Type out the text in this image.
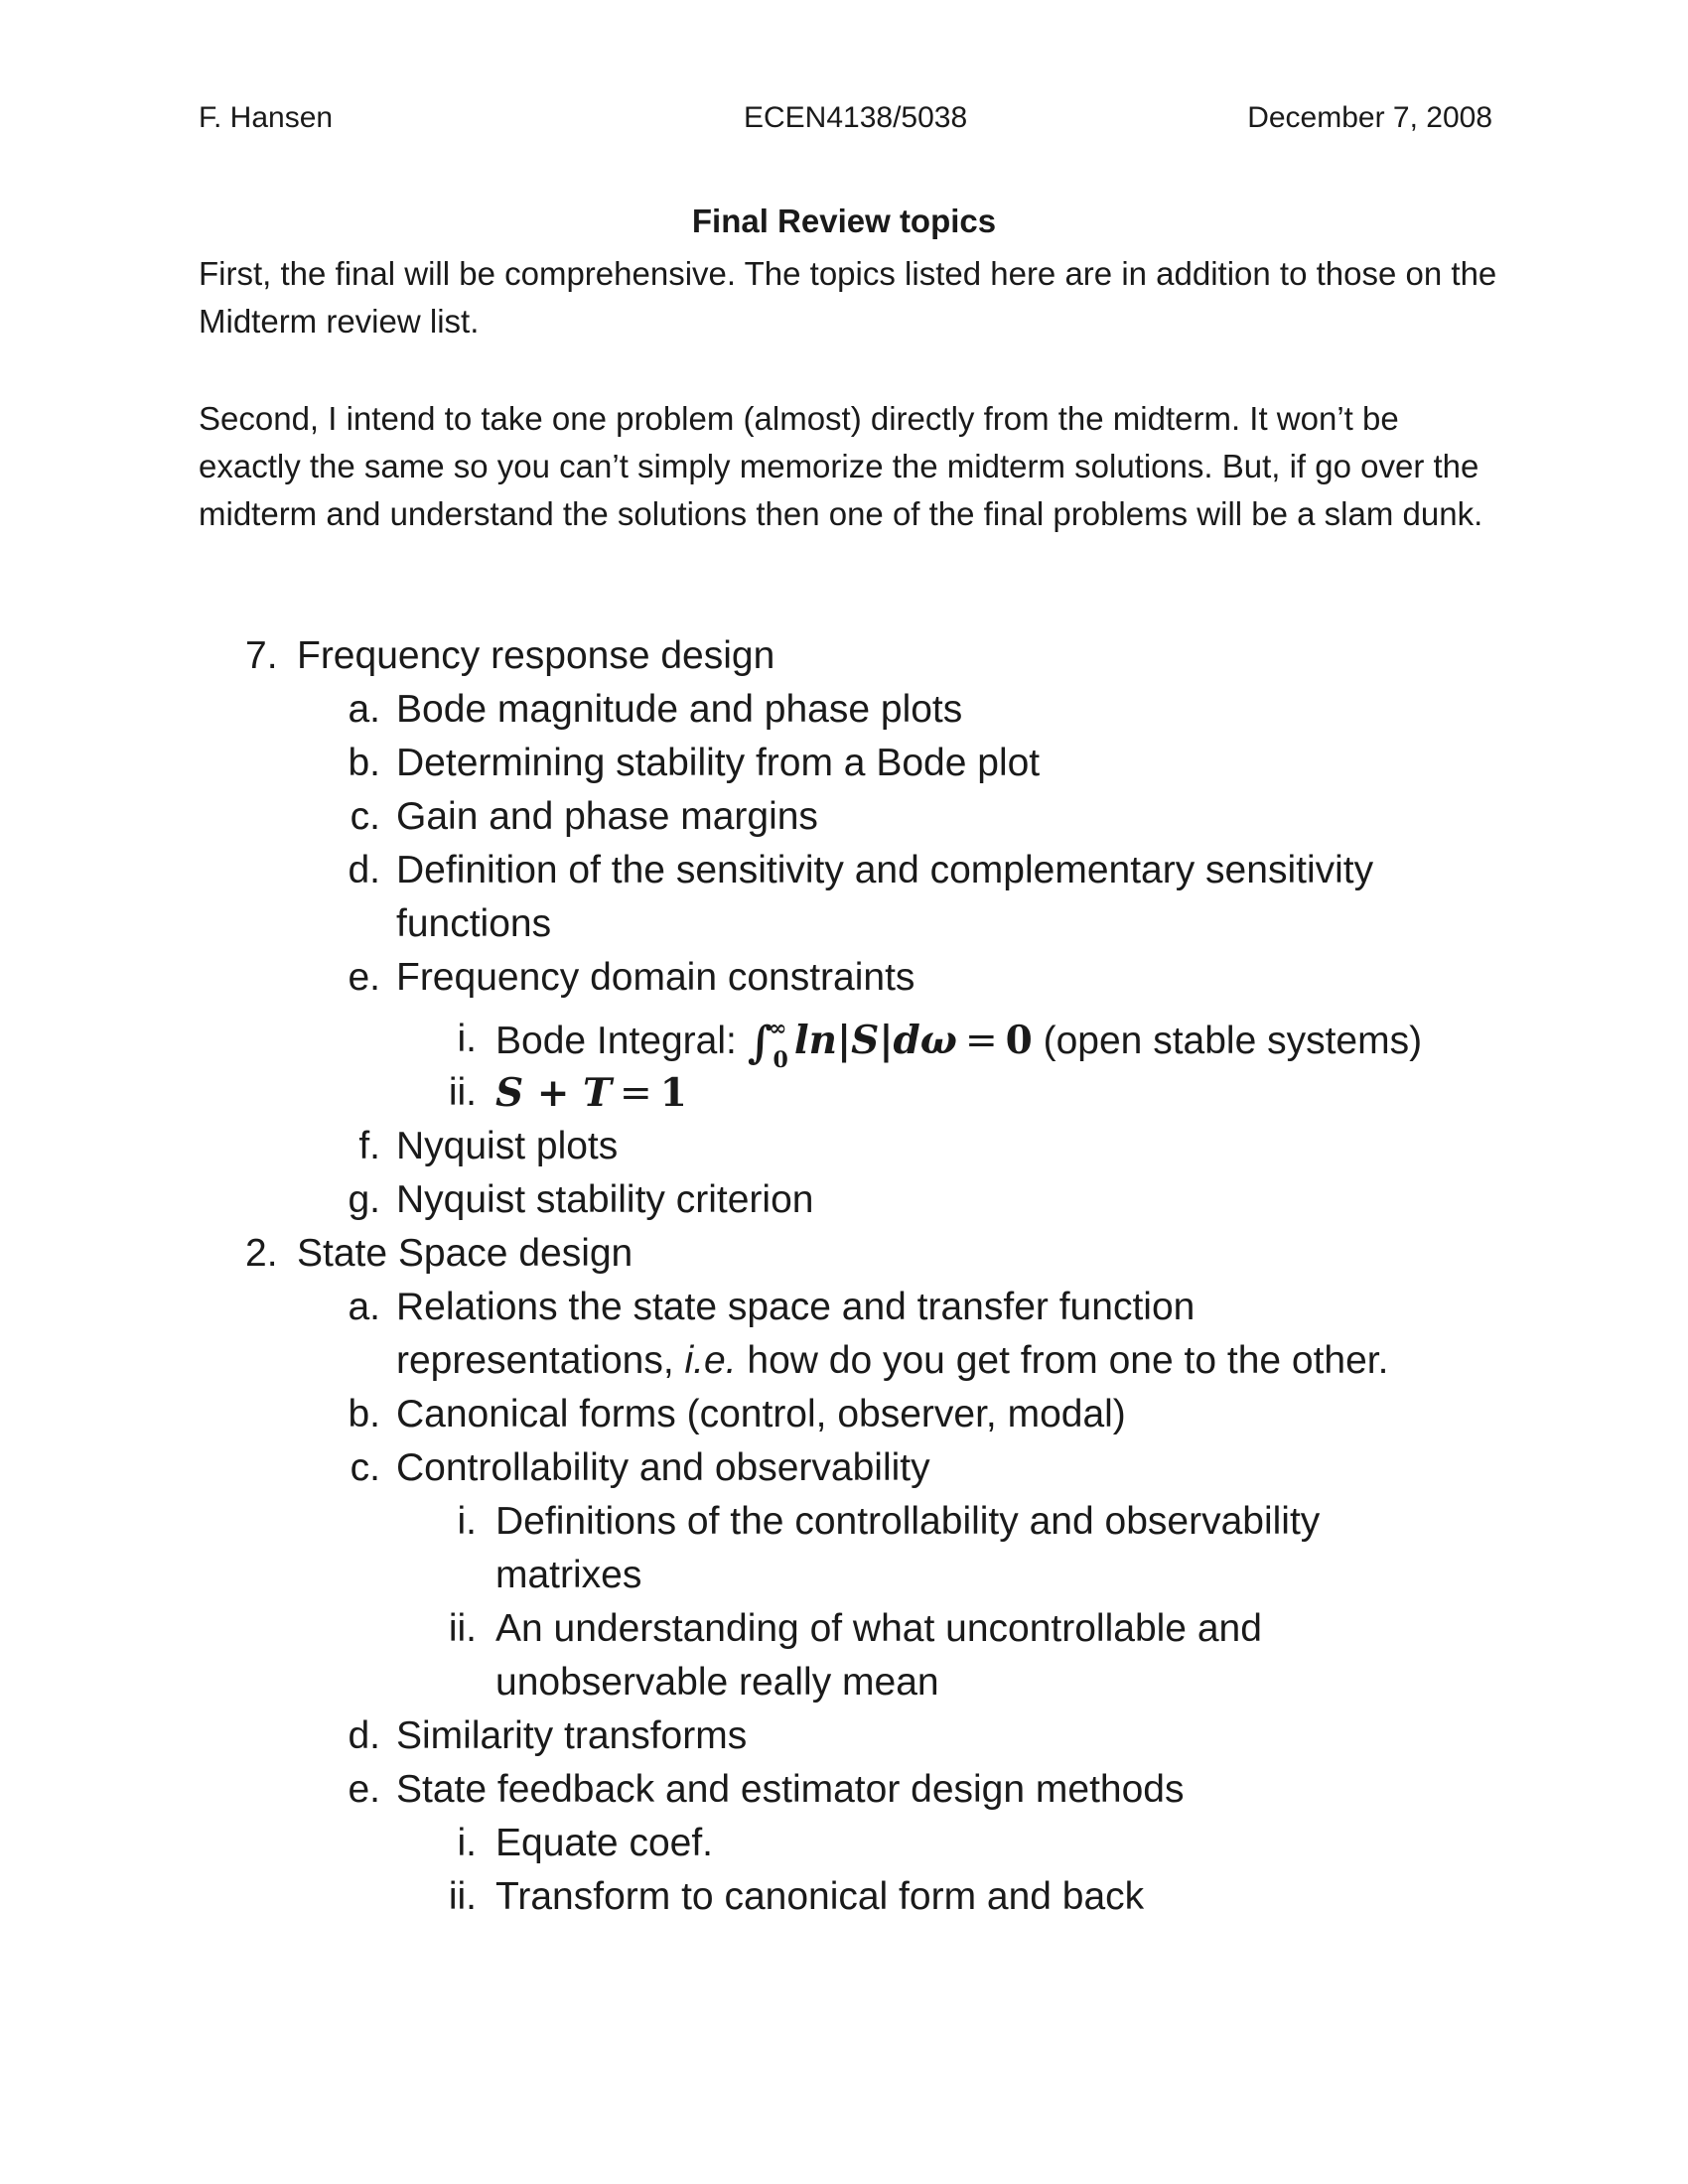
F. Hansen	ECEN4138/5038	December 7, 2008
Final Review topics

First, the final will be comprehensive. The topics listed here are in addition to those on the Midterm review list.

Second, I intend to take one problem (almost) directly from the midterm. It won’t be exactly the same so you can’t simply memorize the midterm solutions. But, if go over the midterm and understand the solutions then one of the final problems will be a slam dunk.

7. Frequency response design
a. Bode magnitude and phase plots
b. Determining stability from a Bode plot
c. Gain and phase margins
d. Definition of the sensitivity and complementary sensitivity functions
e. Frequency domain constraints
i. Bode Integral: $\int^\infty_0$ ln|S|dω = 0 (open stable systems)
ii. S + T = 1
f. Nyquist plots
g. Nyquist stability criterion
2. State Space design
a. Relations the state space and transfer function representations, i.e. how do you get from one to the other.
b. Canonical forms (control, observer, modal)
c. Controllability and observability
i. Definitions of the controllability and observability matrixes
ii. An understanding of what uncontrollable and unobservable really mean
d. Similarity transforms
e. State feedback and estimator design methods
i. Equate coef.
ii. Transform to canonical form and back
